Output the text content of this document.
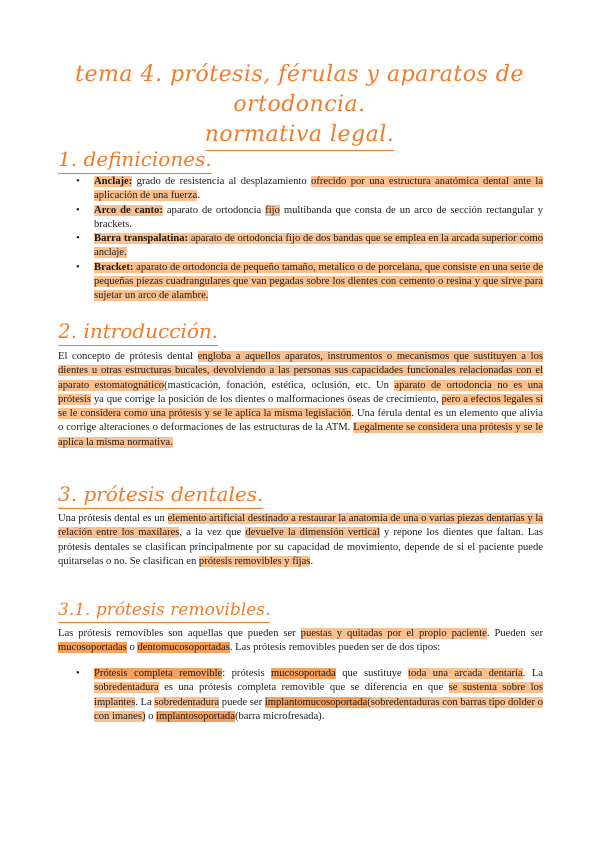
tema 4. prótesis, férulas y aparatos de ortodoncia.
normativa legal.
1. definiciones.
• Anclaje: grado de resistencia al desplazamiento ofrecido por una estructura anatómica dental ante la aplicación de una fuerza.
• Arco de canto: aparato de ortodoncia fijo multibanda que consta de un arco de sección rectangular y brackets.
• Barra transpalatina: aparato de ortodoncia fijo de dos bandas que se emplea en la arcada superior como anclaje.
• Bracket: aparato de ortodoncia de pequeño tamaño, metalico o de porcelana, que consiste en una serie de pequeñas piezas cuadrangulares que van pegadas sobre los dientes con cemento o resina y que sirve para sujetar un arco de alambre.
2. introducción.

El concepto de prótesis dental engloba a aquellos aparatos, instrumentos o mecanismos que sustituyen a los dientes u otras estructuras bucales, devolviendo a las personas sus capacidades funcionales relacionadas con el aparato estomatognático(masticación, fonación, estética, oclusión, etc. Un aparato de ortodoncia no es una prótesis ya que corrige la posición de los dientes o malformaciones óseas de crecimiento, pero a efectos legales si se le considera como una prótesis y se le aplica la misma legislación. Una férula dental es un elemento que alivia o corrige alteraciones o deformaciones de las estructuras de la ATM. Legalmente se considera una prótesis y se le aplica la misma normativa.

3. prótesis dentales.

Una prótesis dental es un elemento artificial destinado a restaurar la anatomía de una o varias piezas dentarias y la relación entre los maxilares, a la vez que devuelve la dimensión vertical y repone los dientes que faltan. Las prótesis dentales se clasifican principalmente por su capacidad de movimiento, depende de si el paciente puede quitarselas o no. Se clasifican en prótesis removibles y fijas.

3.1. prótesis removibles.

Las prótesis removibles son aquellas que pueden ser puestas y quitadas por el propio paciente. Pueden ser mucosoportadas o dentomucosoportadas. Las prótesis removibles pueden ser de dos tipos:

• Prótesis completa removible: prótesis mucosoportada que sustituye toda una arcada dentaria. La sobredentadura es una prótesis completa removible que se diferencia en que se sustenta sobre los implantes. La sobredentadura puede ser implantomucosoportada(sobredentaduras con barras tipo dolder o con imanes) o implantosoportada(barra microfresada).
